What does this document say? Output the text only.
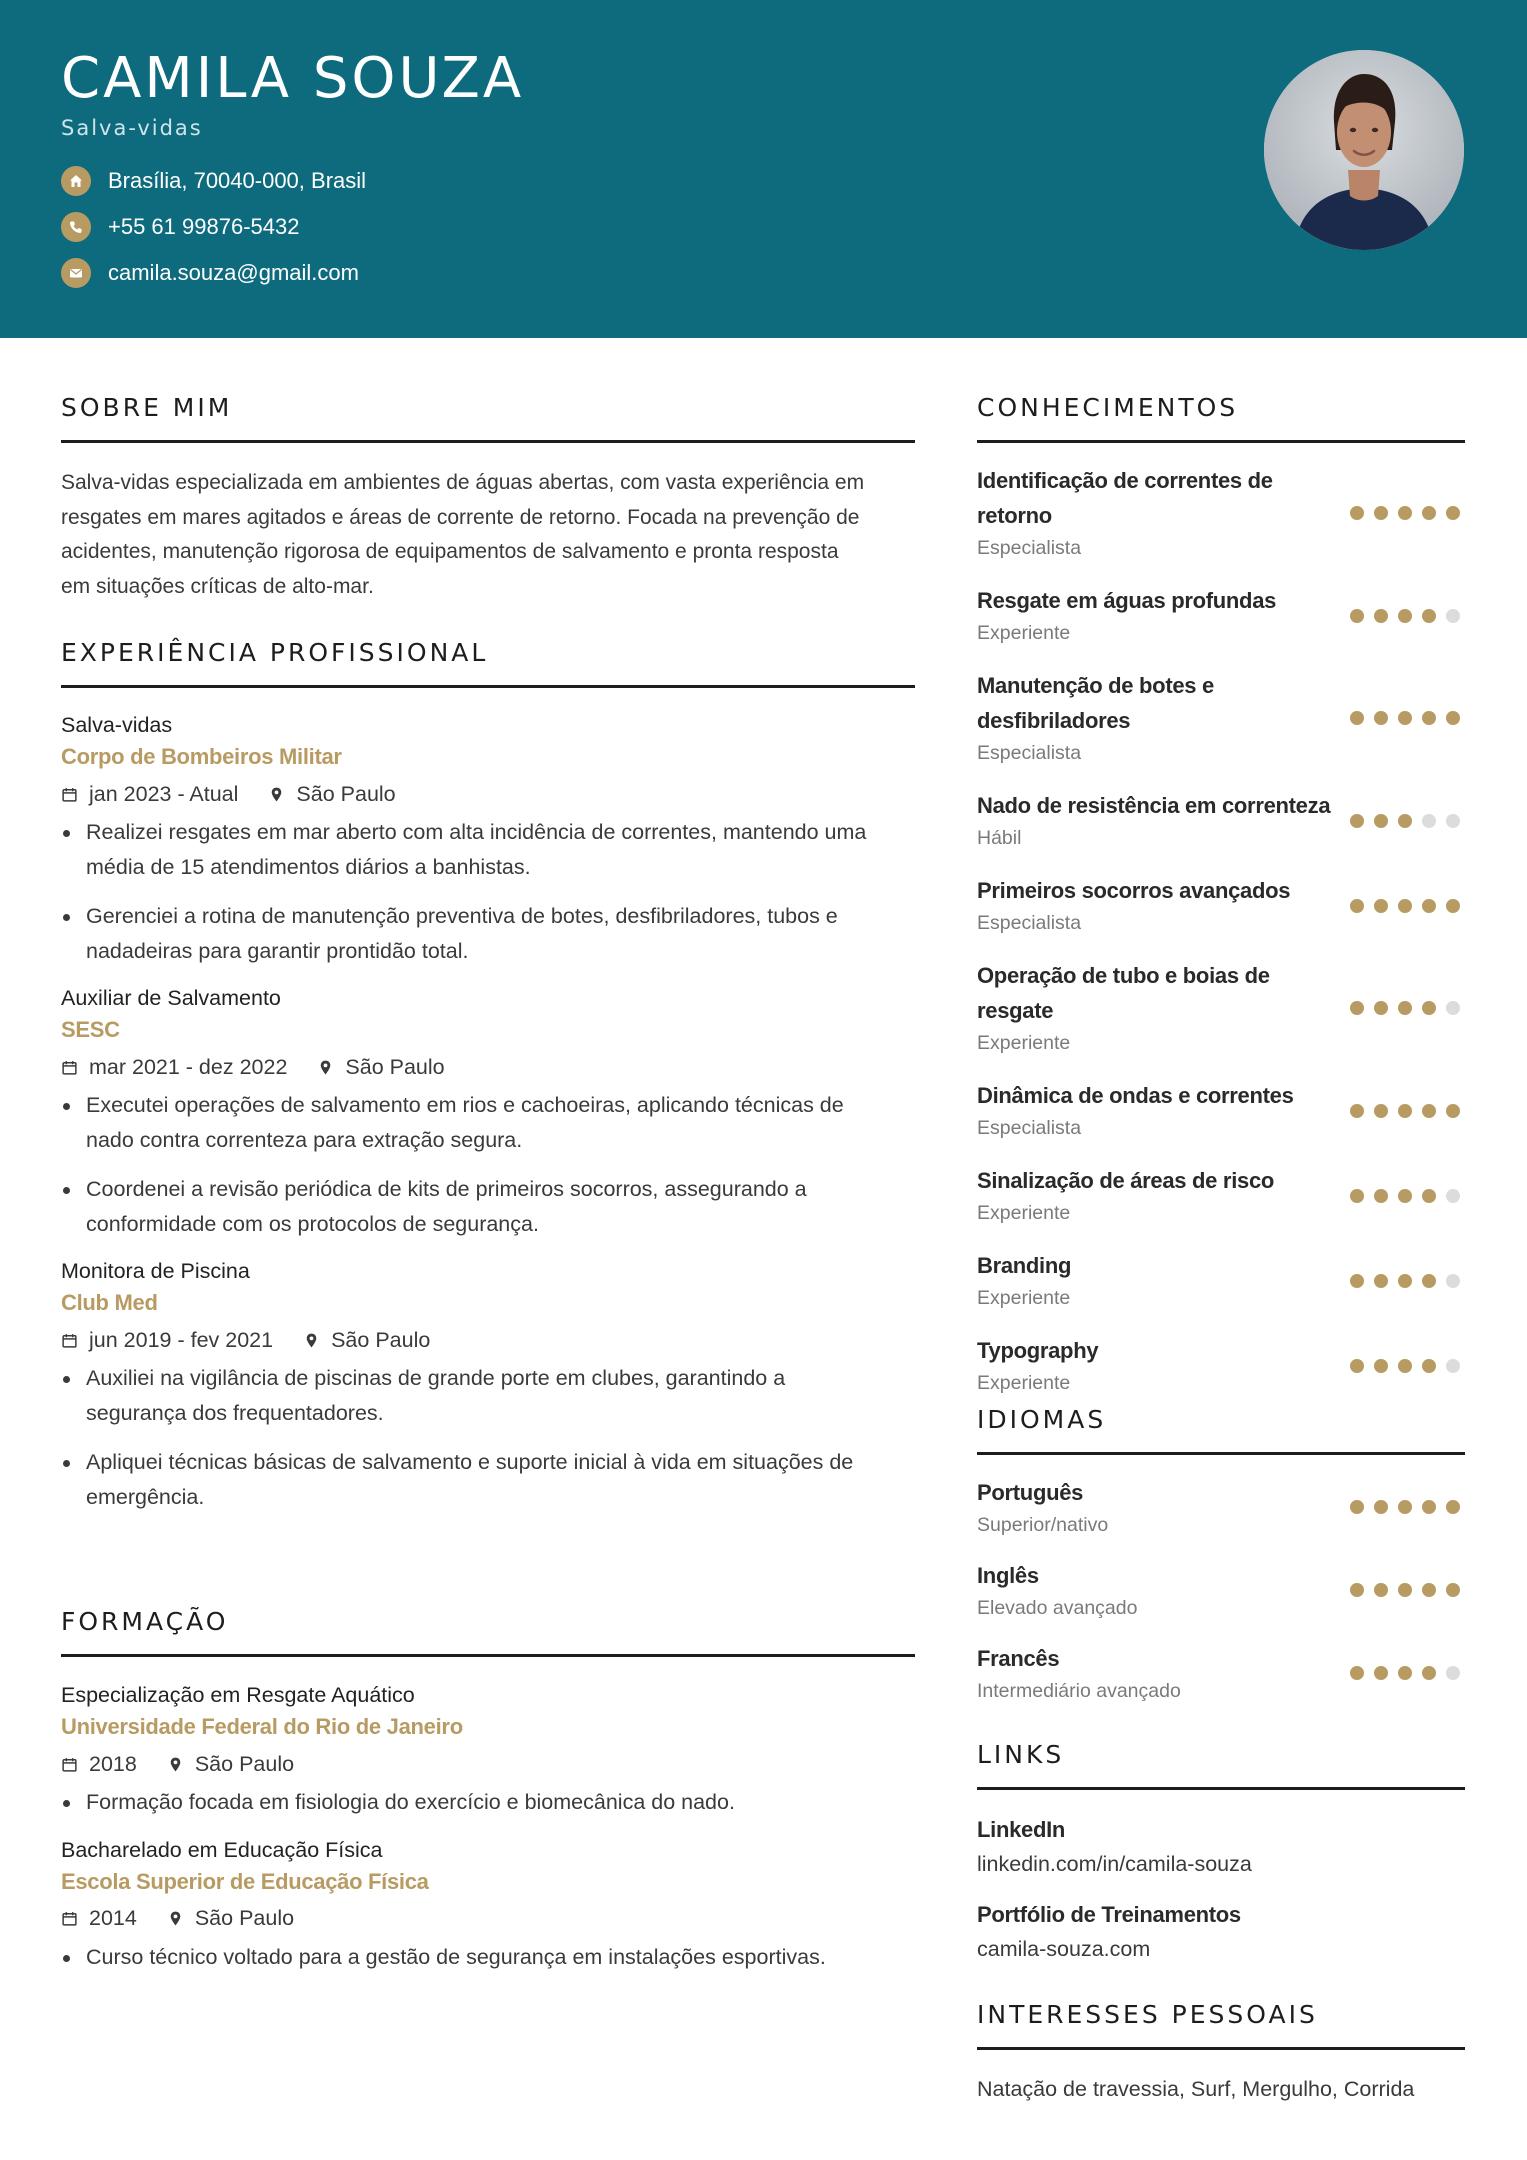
CAMILA SOUZA
Salva-vidas
Brasília, 70040-000, Brasil
+55 61 99876-5432
camila.souza@gmail.com
SOBRE MIM
Salva-vidas especializada em ambientes de águas abertas, com vasta experiência em
resgates em mares agitados e áreas de corrente de retorno. Focada na prevenção de
acidentes, manutenção rigorosa de equipamentos de salvamento e pronta resposta
em situações críticas de alto-mar.
EXPERIÊNCIA PROFISSIONAL
Salva-vidas
Corpo de Bombeiros Militar
jan 2023 - Atual	São Paulo
Realizei resgates em mar aberto com alta incidência de correntes, mantendo uma
média de 15 atendimentos diários a banhistas.
Gerenciei a rotina de manutenção preventiva de botes, desfibriladores, tubos e
nadadeiras para garantir prontidão total.
Auxiliar de Salvamento
SESC
mar 2021 - dez 2022	São Paulo
Executei operações de salvamento em rios e cachoeiras, aplicando técnicas de
nado contra correnteza para extração segura.
Coordenei a revisão periódica de kits de primeiros socorros, assegurando a
conformidade com os protocolos de segurança.
Monitora de Piscina
Club Med
jun 2019 - fev 2021	São Paulo
Auxiliei na vigilância de piscinas de grande porte em clubes, garantindo a
segurança dos frequentadores.
Apliquei técnicas básicas de salvamento e suporte inicial à vida em situações de
emergência.
FORMAÇÃO
Especialização em Resgate Aquático
Universidade Federal do Rio de Janeiro
2018	São Paulo
Formação focada em fisiologia do exercício e biomecânica do nado.
Bacharelado em Educação Física
Escola Superior de Educação Física
2014	São Paulo
Curso técnico voltado para a gestão de segurança em instalações esportivas.
CONHECIMENTOS
Identificação de correntes de
retorno
Especialista
Resgate em águas profundas
Experiente
Manutenção de botes e
desfibriladores
Especialista
Nado de resistência em correnteza
Hábil
Primeiros socorros avançados
Especialista
Operação de tubo e boias de
resgate
Experiente
Dinâmica de ondas e correntes
Especialista
Sinalização de áreas de risco
Experiente
Branding
Experiente
Typography
Experiente
IDIOMAS
Português
Superior/nativo
Inglês
Elevado avançado
Francês
Intermediário avançado
LINKS
LinkedIn
linkedin.com/in/camila-souza
Portfólio de Treinamentos
camila-souza.com
INTERESSES PESSOAIS
Natação de travessia, Surf, Mergulho, Corrida
